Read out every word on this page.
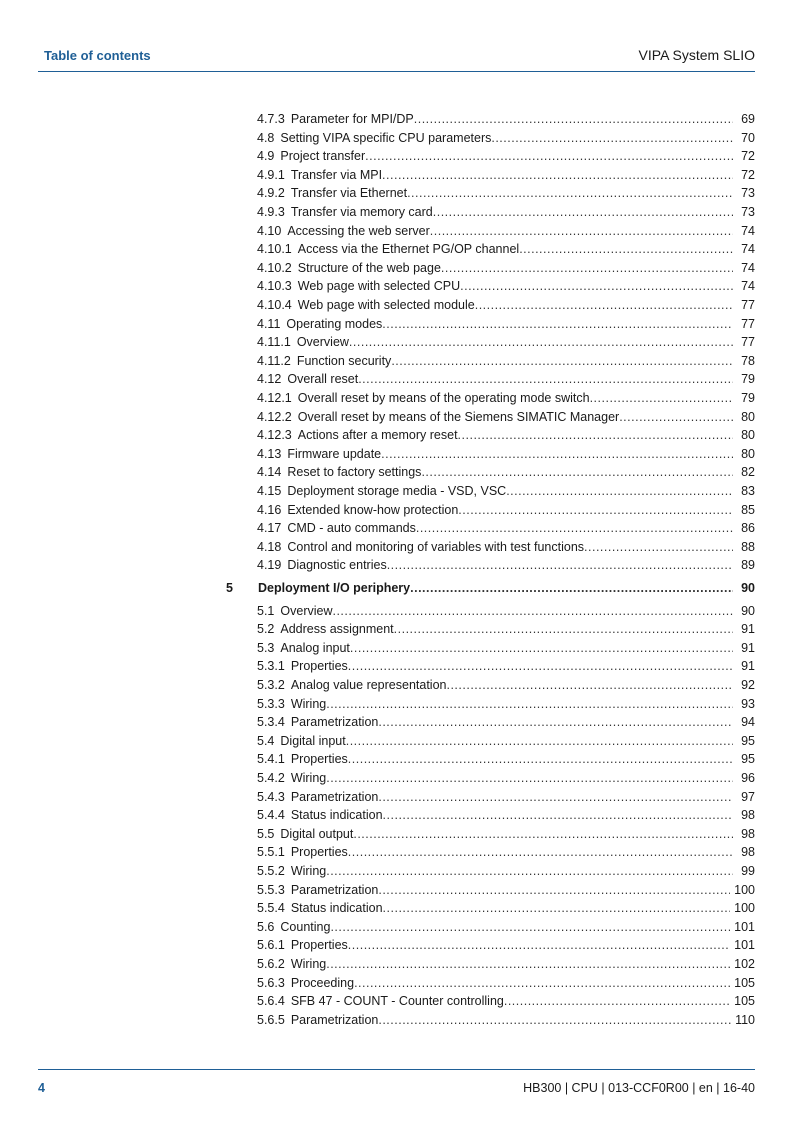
Table of contents	VIPA System SLIO
4.7.3 Parameter for MPI/DP .....	69
4.8 Setting VIPA specific CPU parameters .....	70
4.9 Project transfer .....	72
4.9.1 Transfer via MPI .....	72
4.9.2 Transfer via Ethernet .....	73
4.9.3 Transfer via memory card .....	73
4.10 Accessing the web server .....	74
4.10.1 Access via the Ethernet PG/OP channel .....	74
4.10.2 Structure of the web page .....	74
4.10.3 Web page with selected CPU .....	74
4.10.4 Web page with selected module .....	77
4.11 Operating modes .....	77
4.11.1 Overview .....	77
4.11.2 Function security .....	78
4.12 Overall reset .....	79
4.12.1 Overall reset by means of the operating mode switch .....	79
4.12.2 Overall reset by means of the Siemens SIMATIC Manager .....	80
4.12.3 Actions after a memory reset .....	80
4.13 Firmware update .....	80
4.14 Reset to factory settings .....	82
4.15 Deployment storage media - VSD, VSC .....	83
4.16 Extended know-how protection .....	85
4.17 CMD - auto commands .....	86
4.18 Control and monitoring of variables with test functions .....	88
4.19 Diagnostic entries .....	89
5	Deployment I/O periphery .....	90
5.1 Overview .....	90
5.2 Address assignment .....	91
5.3 Analog input .....	91
5.3.1 Properties .....	91
5.3.2 Analog value representation .....	92
5.3.3 Wiring .....	93
5.3.4 Parametrization .....	94
5.4 Digital input .....	95
5.4.1 Properties .....	95
5.4.2 Wiring .....	96
5.4.3 Parametrization .....	97
5.4.4 Status indication .....	98
5.5 Digital output .....	98
5.5.1 Properties .....	98
5.5.2 Wiring .....	99
5.5.3 Parametrization .....	100
5.5.4 Status indication .....	100
5.6 Counting .....	101
5.6.1 Properties .....	101
5.6.2 Wiring .....	102
5.6.3 Proceeding .....	105
5.6.4 SFB 47 - COUNT - Counter controlling .....	105
5.6.5 Parametrization .....	110
4	HB300 | CPU | 013-CCF0R00 | en | 16-40
